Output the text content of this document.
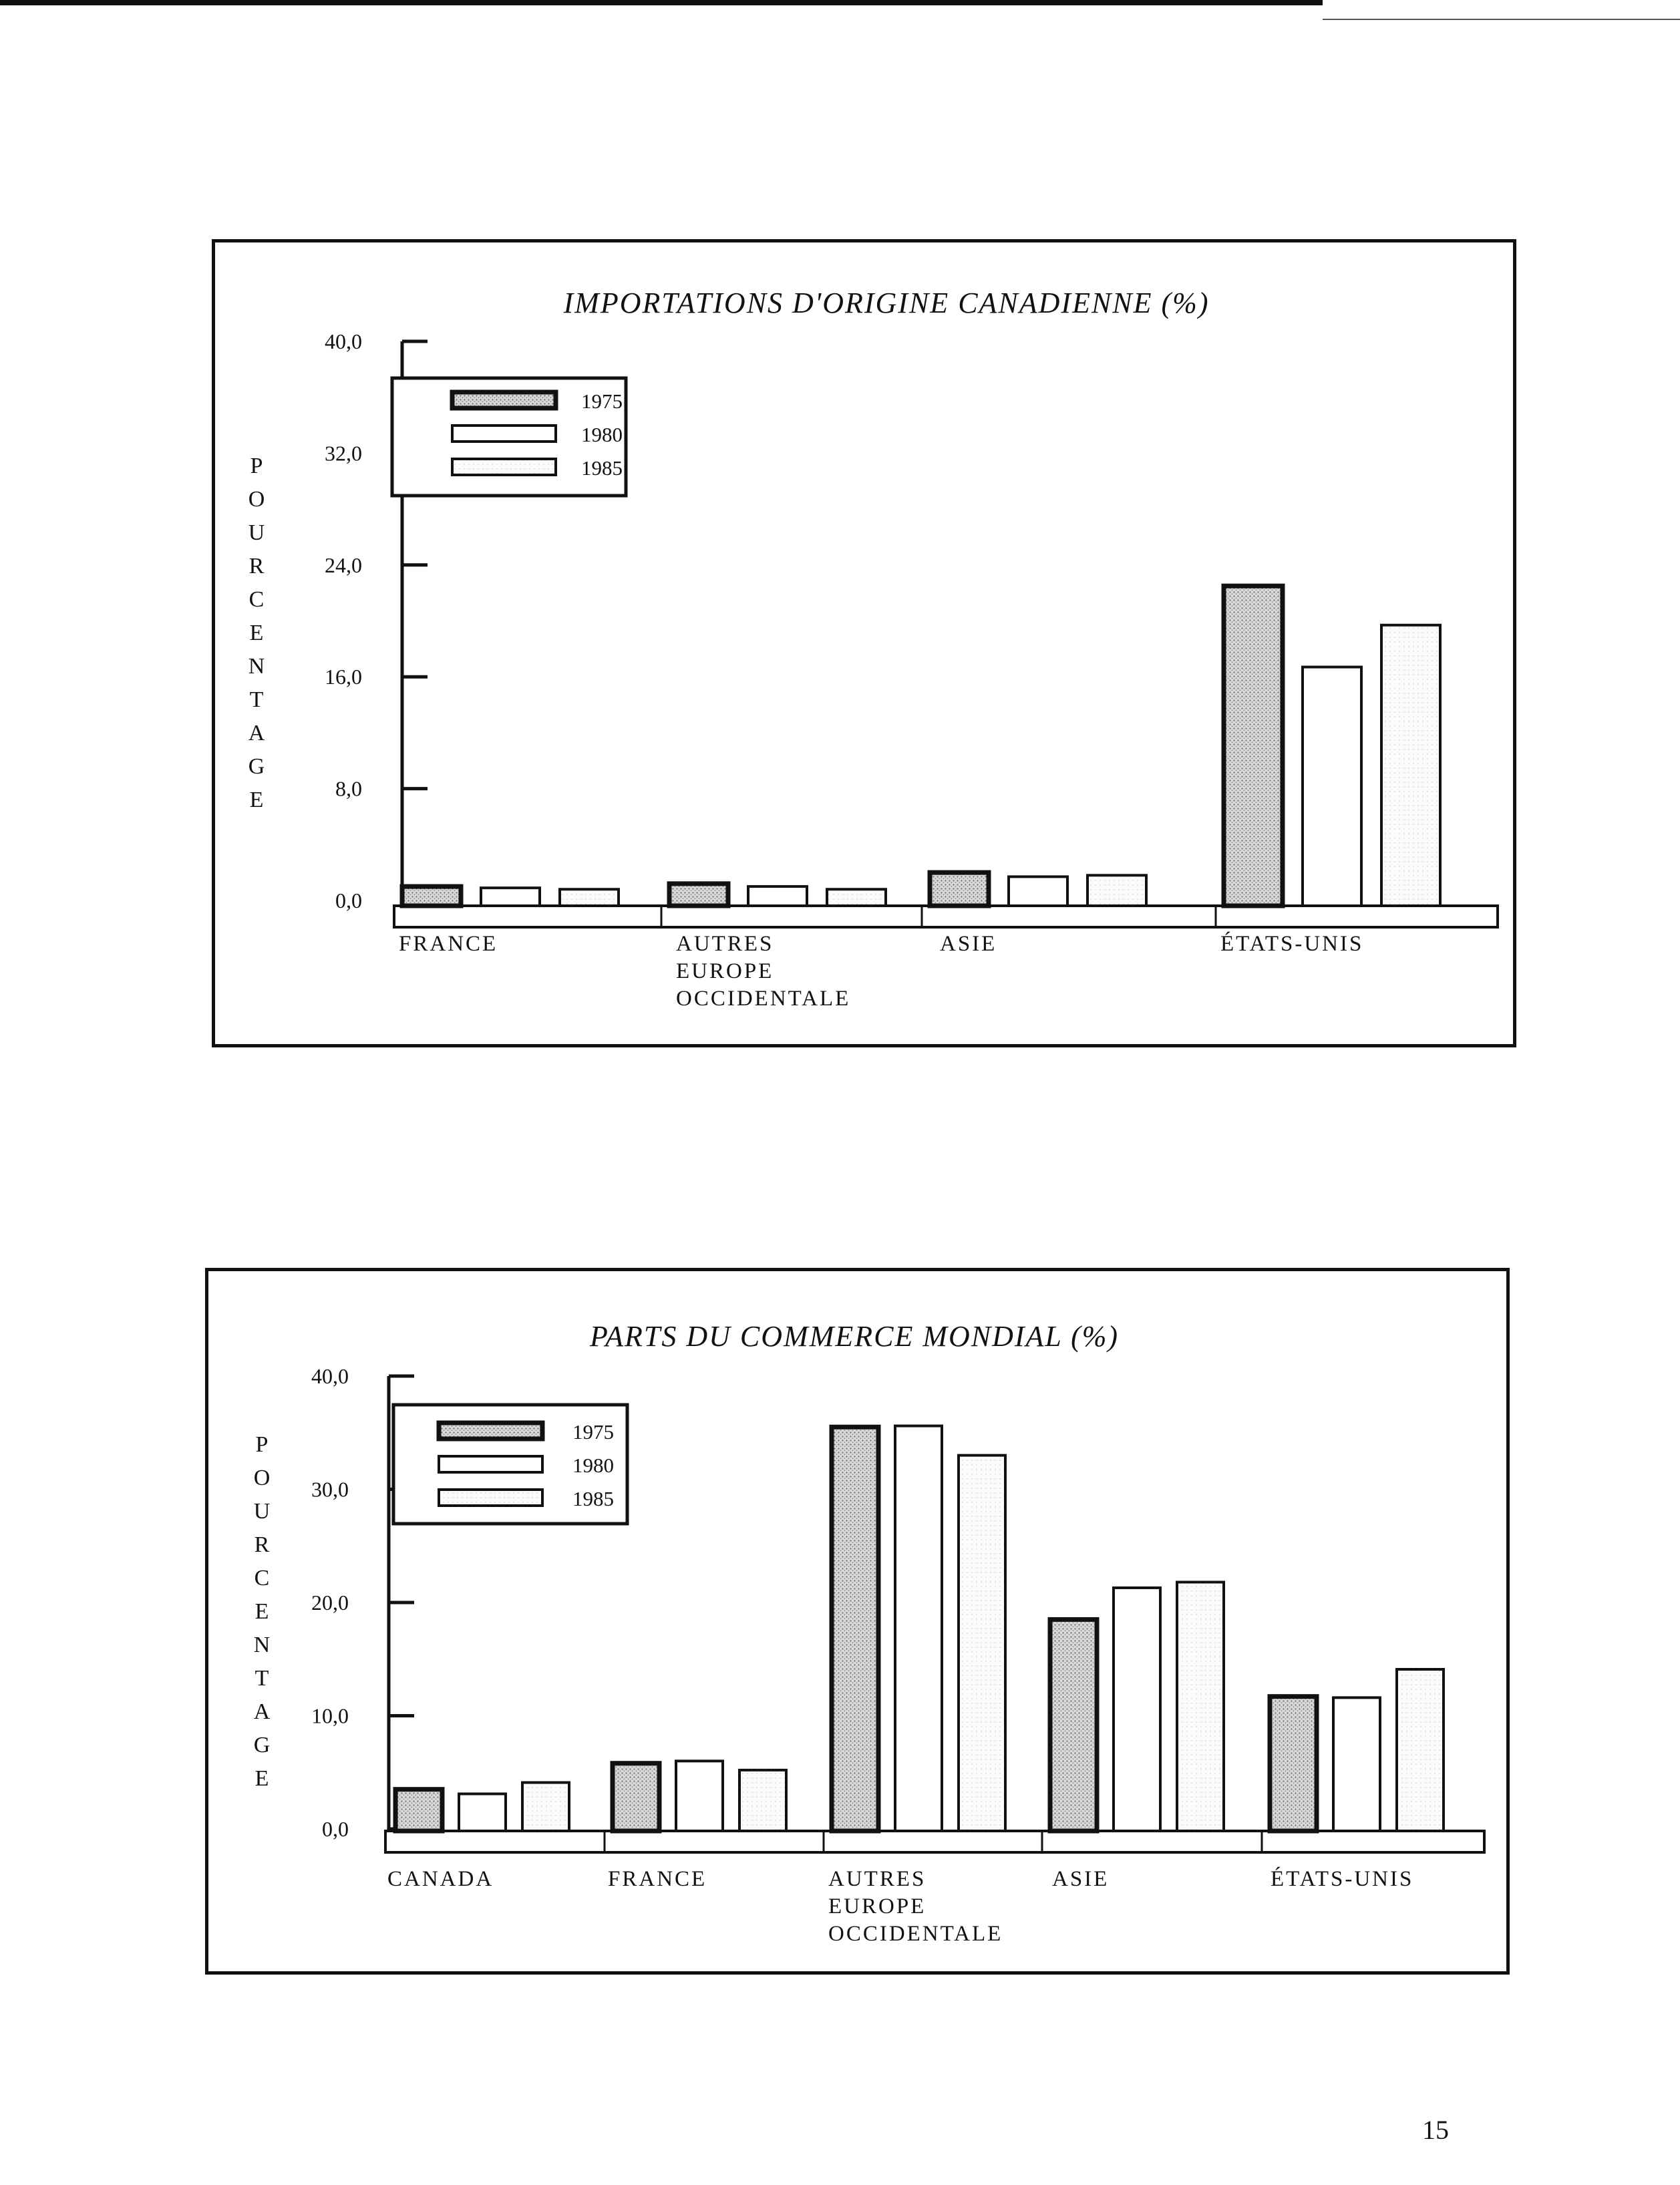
IMPORTATIONS D'ORIGINE CANADIENNE (%)
40,0
32,0
24,0
16,0
8,0
0,0
P
O
U
R
C
E
N
T
A
G
E
FRANCE	AUTRES
EUROPE
OCCIDENTALE
ASIE	ÉTATS-UNIS
1975
1980
1985
PARTS DU COMMERCE MONDIAL (%)
40,0
30,0
20,0
10,0
0,0
P
O
U
R
C
E
N
T
A
G
E
CANADA	FRANCE	AUTRES
EUROPE
OCCIDENTALE
ASIE	ÉTATS-UNIS
1975
1980
1985
15
